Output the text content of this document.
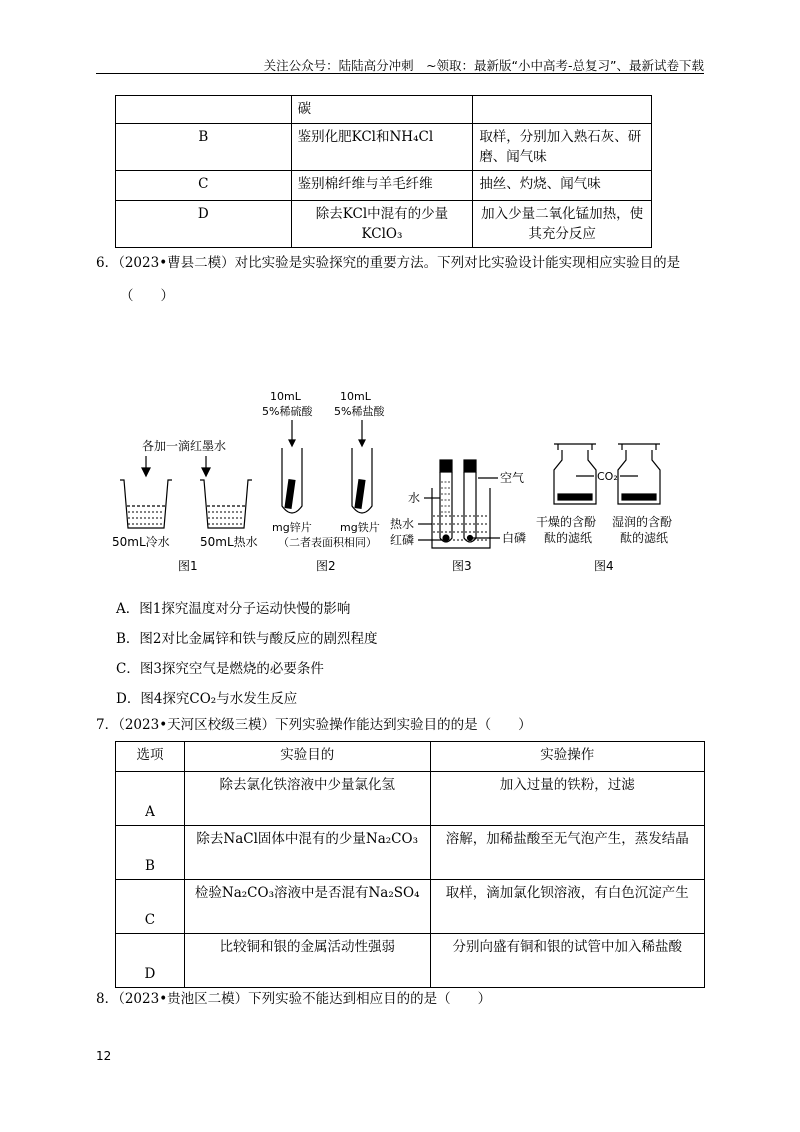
关注公众号：陆陆高分冲刺　~领取：最新版“小中高考-总复习”、最新试卷下载
	碳	
B	鉴别化肥KCl和NH₄Cl	取样，分别加入熟石灰、研磨、闻气味
C	鉴别棉纤维与羊毛纤维	抽丝、灼烧、闻气味
D	除去KCl中混有的少量KClO₃	加入少量二氧化锰加热，使其充分反应
6．（2023•曹县二模）对比实验是实验探究的重要方法。下列对比实验设计能实现相应实验目的是
（　　）
各加一滴红墨水
50mL冷水	50mL热水
图1
10mL
5%稀硫酸
10mL
5%稀盐酸
mg锌片	mg铁片
（二者表面积相同）
图2
空气
水
热水
红磷	白磷
图3
CO₂
干燥的含酚
酞的滤纸
湿润的含酚
酞的滤纸
图4
A．图1探究温度对分子运动快慢的影响
B．图2对比金属锌和铁与酸反应的剧烈程度
C．图3探究空气是燃烧的必要条件
D．图4探究CO₂与水发生反应
7．（2023•天河区校级三模）下列实验操作能达到实验目的的是（　　）
选项	实验目的	实验操作
A	除去氯化铁溶液中少量氯化氢	加入过量的铁粉，过滤
B	除去NaCl固体中混有的少量Na₂CO₃	溶解，加稀盐酸至无气泡产生，蒸发结晶
C	检验Na₂CO₃溶液中是否混有Na₂SO₄	取样，滴加氯化钡溶液，有白色沉淀产生
D	比较铜和银的金属活动性强弱	分别向盛有铜和银的试管中加入稀盐酸
8．（2023•贵池区二模）下列实验不能达到相应目的的是（　　）
12
